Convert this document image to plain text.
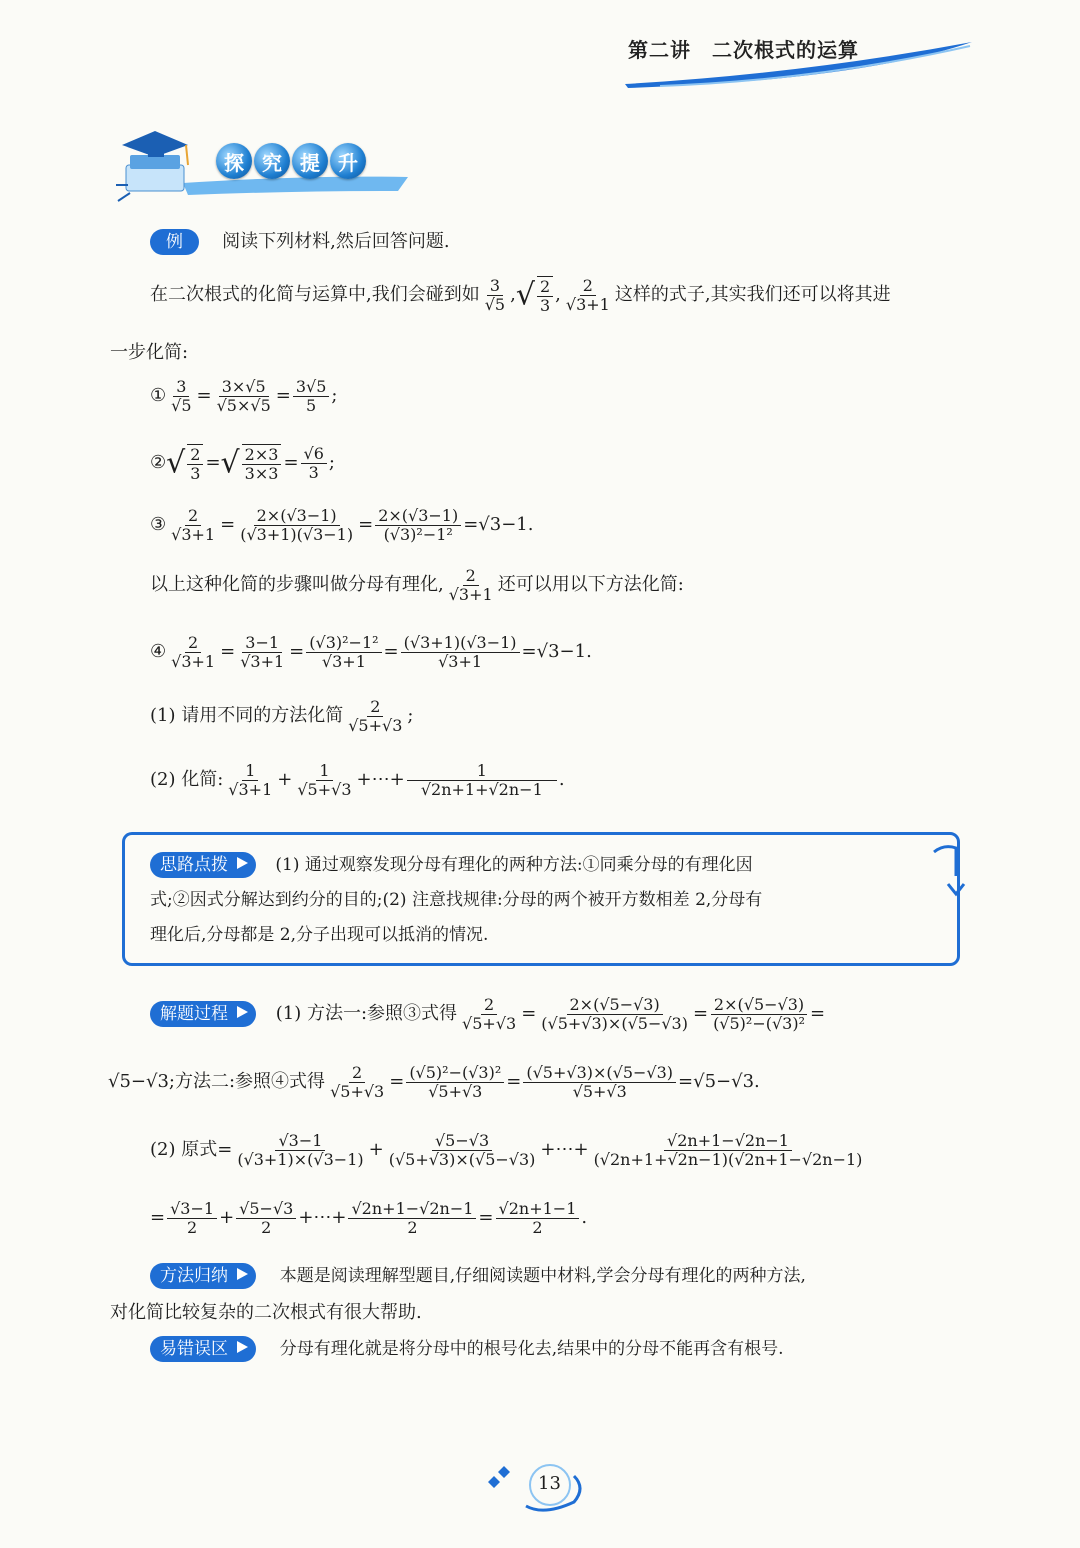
第二讲　二次根式的运算
探 究 提 升
例 阅读下列材料,然后回答问题.
在二次根式的化简与运算中,我们会碰到如 $\frac{3}{√5}$ ,√ $\frac{2}{3}$ , $\frac{2}{√3+1}$ 这样的式子,其实我们还可以将其进
一步化简:
① $\frac{3}{√5} = \frac{3\times√5}{√5\times√5} = \frac{3√5}{5}$ ;
②√ $\frac{2}{3}$ =√ $\frac{2\times 3}{3\times 3} = \frac{√6}{3}$ ;
③ $\frac{2}{√3+1} = \frac{2\times(√3-1)}{(√3+1)(√3-1)} = \frac{2\times(√3-1)}{\text{(√3)²−1²}} =√3-1$.
以上这种化简的步骤叫做分母有理化, $\frac{2}{√3+1}$ 还可以用以下方法化简:
④ $\frac{2}{√3+1} = \frac{3-1}{√3+1} = \frac{\text{(√3)²−1²}}{√3+1} = \frac{(√3+1)(√3-1)}{√3+1} =√3-1$.
(1) 请用不同的方法化简 $\frac{2}{√5+√3}$ ;
(2) 化简: $\frac{1}{√3+1} + \frac{1}{√5+√3}$ +⋯+ $\frac{1}{√2n+1+√2n-1}$ .
思路点拨	(1) 通过观察发现分母有理化的两种方法:①同乘分母的有理化因
式;②因式分解达到约分的目的;(2) 注意找规律:分母的两个被开方数相差 2,分母有
理化后,分母都是 2,分子出现可以抵消的情况.
解题过程	(1) 方法一:参照③式得 $\frac{2}{√5+√3} = \frac{2\times(√5-√3)}{(√5+√3)\times(√5-√3)} = \frac{2\times(√5-√3)}{\text{(√5)²−(√3)²}}$ =
√5−√3;方法二:参照④式得 $\frac{2}{√5+√3} = \frac{\text{(√5)²−(√3)²}}{√5+√3} = \frac{(√5+√3)\times(√5-√3)}{√5+√3} =√5-√3$.
(2) 原式= $\frac{√3-1}{(√3+1)\times(√3-1)} + \frac{√5-√3}{(√5+√3)\times(√5-√3)}$ +⋯+ $\frac{√2n+1-√2n-1}{(√2n+1+√2n-1)(√2n+1-√2n-1)}$
= $\frac{√3-1}{2} + \frac{√5-√3}{2}$ +⋯+ $\frac{√2n+1-√2n-1}{2} = \frac{√2n+1-1}{2}$ .
方法归纳	本题是阅读理解型题目,仔细阅读题中材料,学会分母有理化的两种方法,
对化简比较复杂的二次根式有很大帮助.
易错误区	分母有理化就是将分母中的根号化去,结果中的分母不能再含有根号.
13
